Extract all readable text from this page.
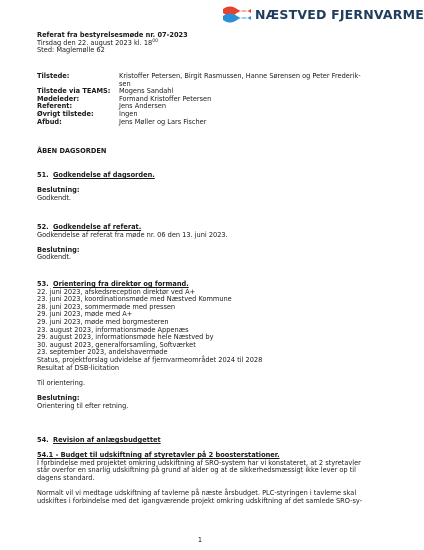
NÆSTVED FJERNVARME
Referat fra bestyrelsesmøde nr. 07-2023
Tirsdag den 22. august 2023 kl. $18^{00}$
Sted: Maglemølle 62
Tilstede:	Kristoffer Petersen, Birgit Rasmussen, Hanne Sørensen og Peter Frederik-
sen
Tilstede via TEAMS:	Mogens Sandahl
Mødeleder:	Formand Kristoffer Petersen
Referent:	Jens Andersen
Øvrigt tilstede:	Ingen
Afbud:	Jens Møller og Lars Fischer
ÅBEN DAGSORDEN
51. Godkendelse af dagsorden.
Beslutning:
Godkendt.
52. Godkendelse af referat.
Godkendelse af referat fra møde nr. 06 den 13. juni 2023.
Beslutning:
Godkendt.
53. Orientering fra direktør og formand.
22. juni 2023, afskedsreception direktør ved A+
23. juni 2023, koordinationsmøde med Næstved Kommune
28. juni 2023, sommermøde med pressen
29. juni 2023, møde med A+
29. juni 2023, møde med borgmesteren
23. august 2023, informationsmøde Appenæs
29. august 2023, informationsmøde hele Næstved by
30. august 2023, generalforsamling, Softværket
23. september 2023, andelshavermøde
Status, projektforslag udvidelse af fjernvarmeområdet 2024 til 2028
Resultat af DSB-licitation
Til orientering.
Beslutning:
Orientering til efter retning.
54. Revision af anlægsbudgettet
54.1 - Budget til udskiftning af styretavler på 2 boosterstationer.
I forbindelse med projektet omkring udskiftning af SRO-system har vi konstateret, at 2 styretavler
står overfor en snarlig udskiftning på grund af alder og at de sikkerhedsmæssigt ikke lever op til
dagens standard.
Normalt vil vi medtage udskiftning af tavlerne på næste årsbudget. PLC-styringen i tavlerne skal
udskiftes i forbindelse med det igangværende projekt omkring udskiftning af det samlede SRO-sy-
1
